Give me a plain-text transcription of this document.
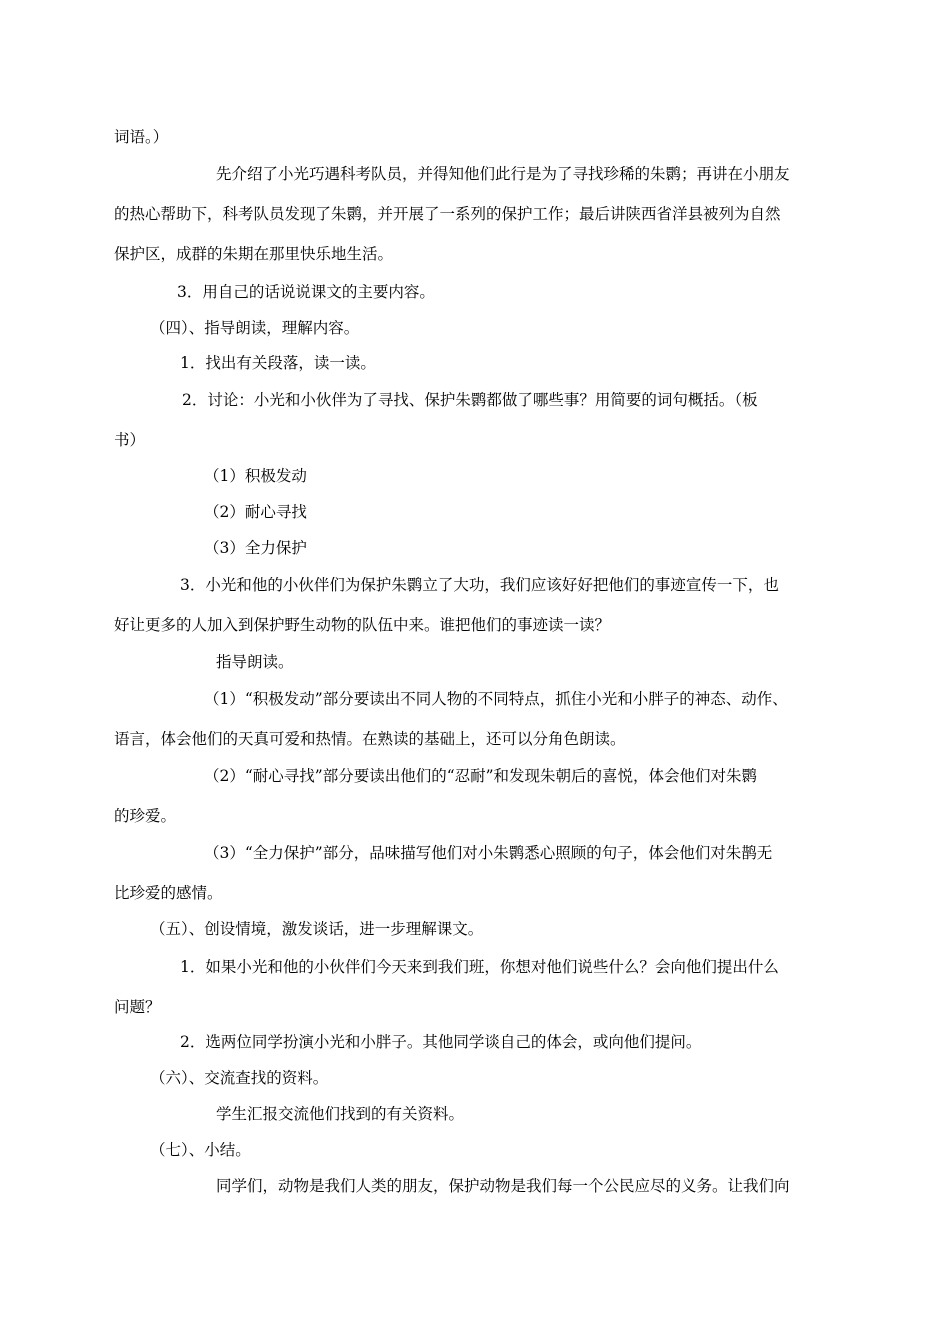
词语。）
先介绍了小光巧遇科考队员，并得知他们此行是为了寻找珍稀的朱鹮；再讲在小朋友
的热心帮助下，科考队员发现了朱鹮，并开展了一系列的保护工作；最后讲陕西省洋县被列为自然
保护区，成群的朱期在那里快乐地生活。
3．用自己的话说说课文的主要内容。
（四）、指导朗读，理解内容。
1．找出有关段落，读一读。
2．讨论：小光和小伙伴为了寻找、保护朱鹮都做了哪些事？用简要的词句概括。（板
书）
（1）积极发动
（2）耐心寻找
（3）全力保护
3．小光和他的小伙伴们为保护朱鹮立了大功，我们应该好好把他们的事迹宣传一下，也
好让更多的人加入到保护野生动物的队伍中来。谁把他们的事迹读一读？
指导朗读。
（1）“积极发动”部分要读出不同人物的不同特点，抓住小光和小胖子的神态、动作、
语言，体会他们的天真可爱和热情。在熟读的基础上，还可以分角色朗读。
（2）“耐心寻找”部分要读出他们的“忍耐”和发现朱朝后的喜悦，体会他们对朱鹮
的珍爱。
（3）“全力保护”部分，品味描写他们对小朱鹮悉心照顾的句子，体会他们对朱鹊无
比珍爱的感情。
（五）、创设情境，激发谈话，进一步理解课文。
1．如果小光和他的小伙伴们今天来到我们班，你想对他们说些什么？会向他们提出什么
问题？
2．选两位同学扮演小光和小胖子。其他同学谈自己的体会，或向他们提问。
（六）、交流查找的资料。
学生汇报交流他们找到的有关资料。
（七）、小结。
同学们，动物是我们人类的朋友，保护动物是我们每一个公民应尽的义务。让我们向
